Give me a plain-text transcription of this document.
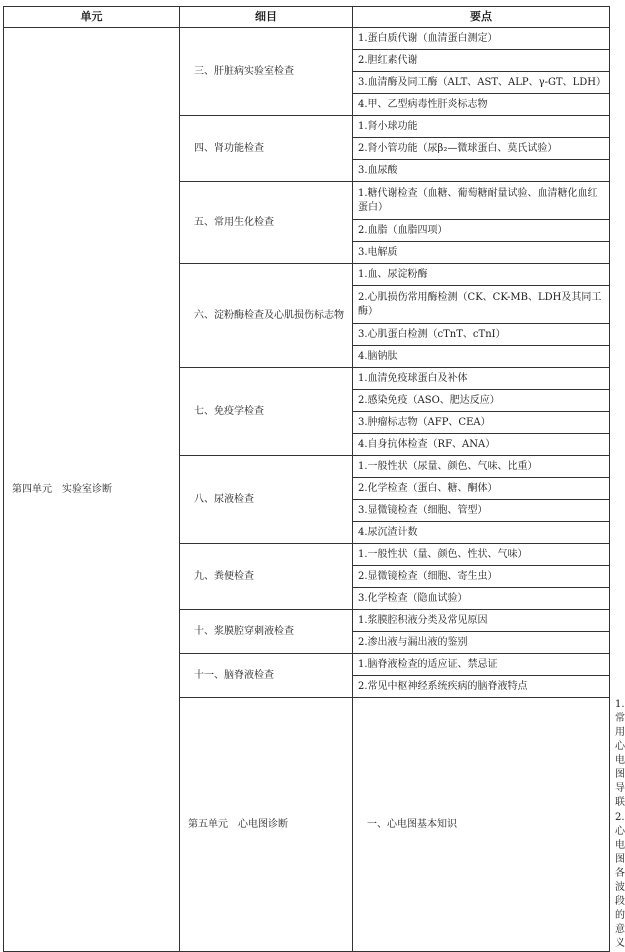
单元	细目	要点	
第四单元　实验室诊断	三、肝脏病实验室检查	1.蛋白质代谢（血清蛋白测定）	
		2.胆红素代谢	
		3.血清酶及同工酶（ALT、AST、ALP、γ-GT、LDH）	
		4.甲、乙型病毒性肝炎标志物	
	四、肾功能检查	1.肾小球功能	
		2.肾小管功能（尿β₂—微球蛋白、莫氏试验）	
		3.血尿酸	
	五、常用生化检查	1.糖代谢检查（血糖、葡萄糖耐量试验、血清糖化血红蛋白）	
		2.血脂（血脂四项）	
		3.电解质	
	六、淀粉酶检查及心肌损伤标志物	1.血、尿淀粉酶	
		2.心肌损伤常用酶检测（CK、CK-MB、LDH及其同工酶）	
		3.心肌蛋白检测（cTnT、cTnI）	
		4.脑钠肽	
	七、免疫学检查	1.血清免疫球蛋白及补体	
		2.感染免疫（ASO、肥达反应）	
		3.肿瘤标志物（AFP、CEA）	
		4.自身抗体检查（RF、ANA）	
	八、尿液检查	1.一般性状（尿量、颜色、气味、比重）	
		2.化学检查（蛋白、糖、酮体）	
		3.显微镜检查（细胞、管型）	
		4.尿沉渣计数	
	九、粪便检查	1.一般性状（量、颜色、性状、气味）	
		2.显微镜检查（细胞、寄生虫）	
		3.化学检查（隐血试验）	
	十、浆膜腔穿刺液检查	1.浆膜腔积液分类及常见原因	
		2.渗出液与漏出液的鉴别	
	十一、脑脊液检查	1.脑脊液检查的适应证、禁忌证	
		2.常见中枢神经系统疾病的脑脊液特点	
	第五单元　心电图诊断	一、心电图基本知识	1.常用心电图导联
			2.心电图各波段的意义
